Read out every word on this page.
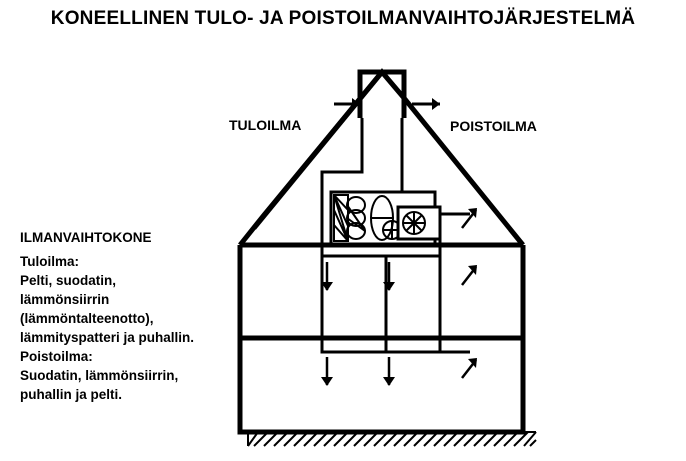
KONEELLINEN TULO- JA POISTOILMANVAIHTOJÄRJESTELMÄ
TULOILMA	POISTOILMA
ILMANVAIHTOKONE
Tuloilma:
Pelti, suodatin,
lämmönsiirrin
(lämmöntalteenotto),
lämmityspatteri ja puhallin.
Poistoilma:
Suodatin, lämmönsiirrin,
puhallin ja pelti.
